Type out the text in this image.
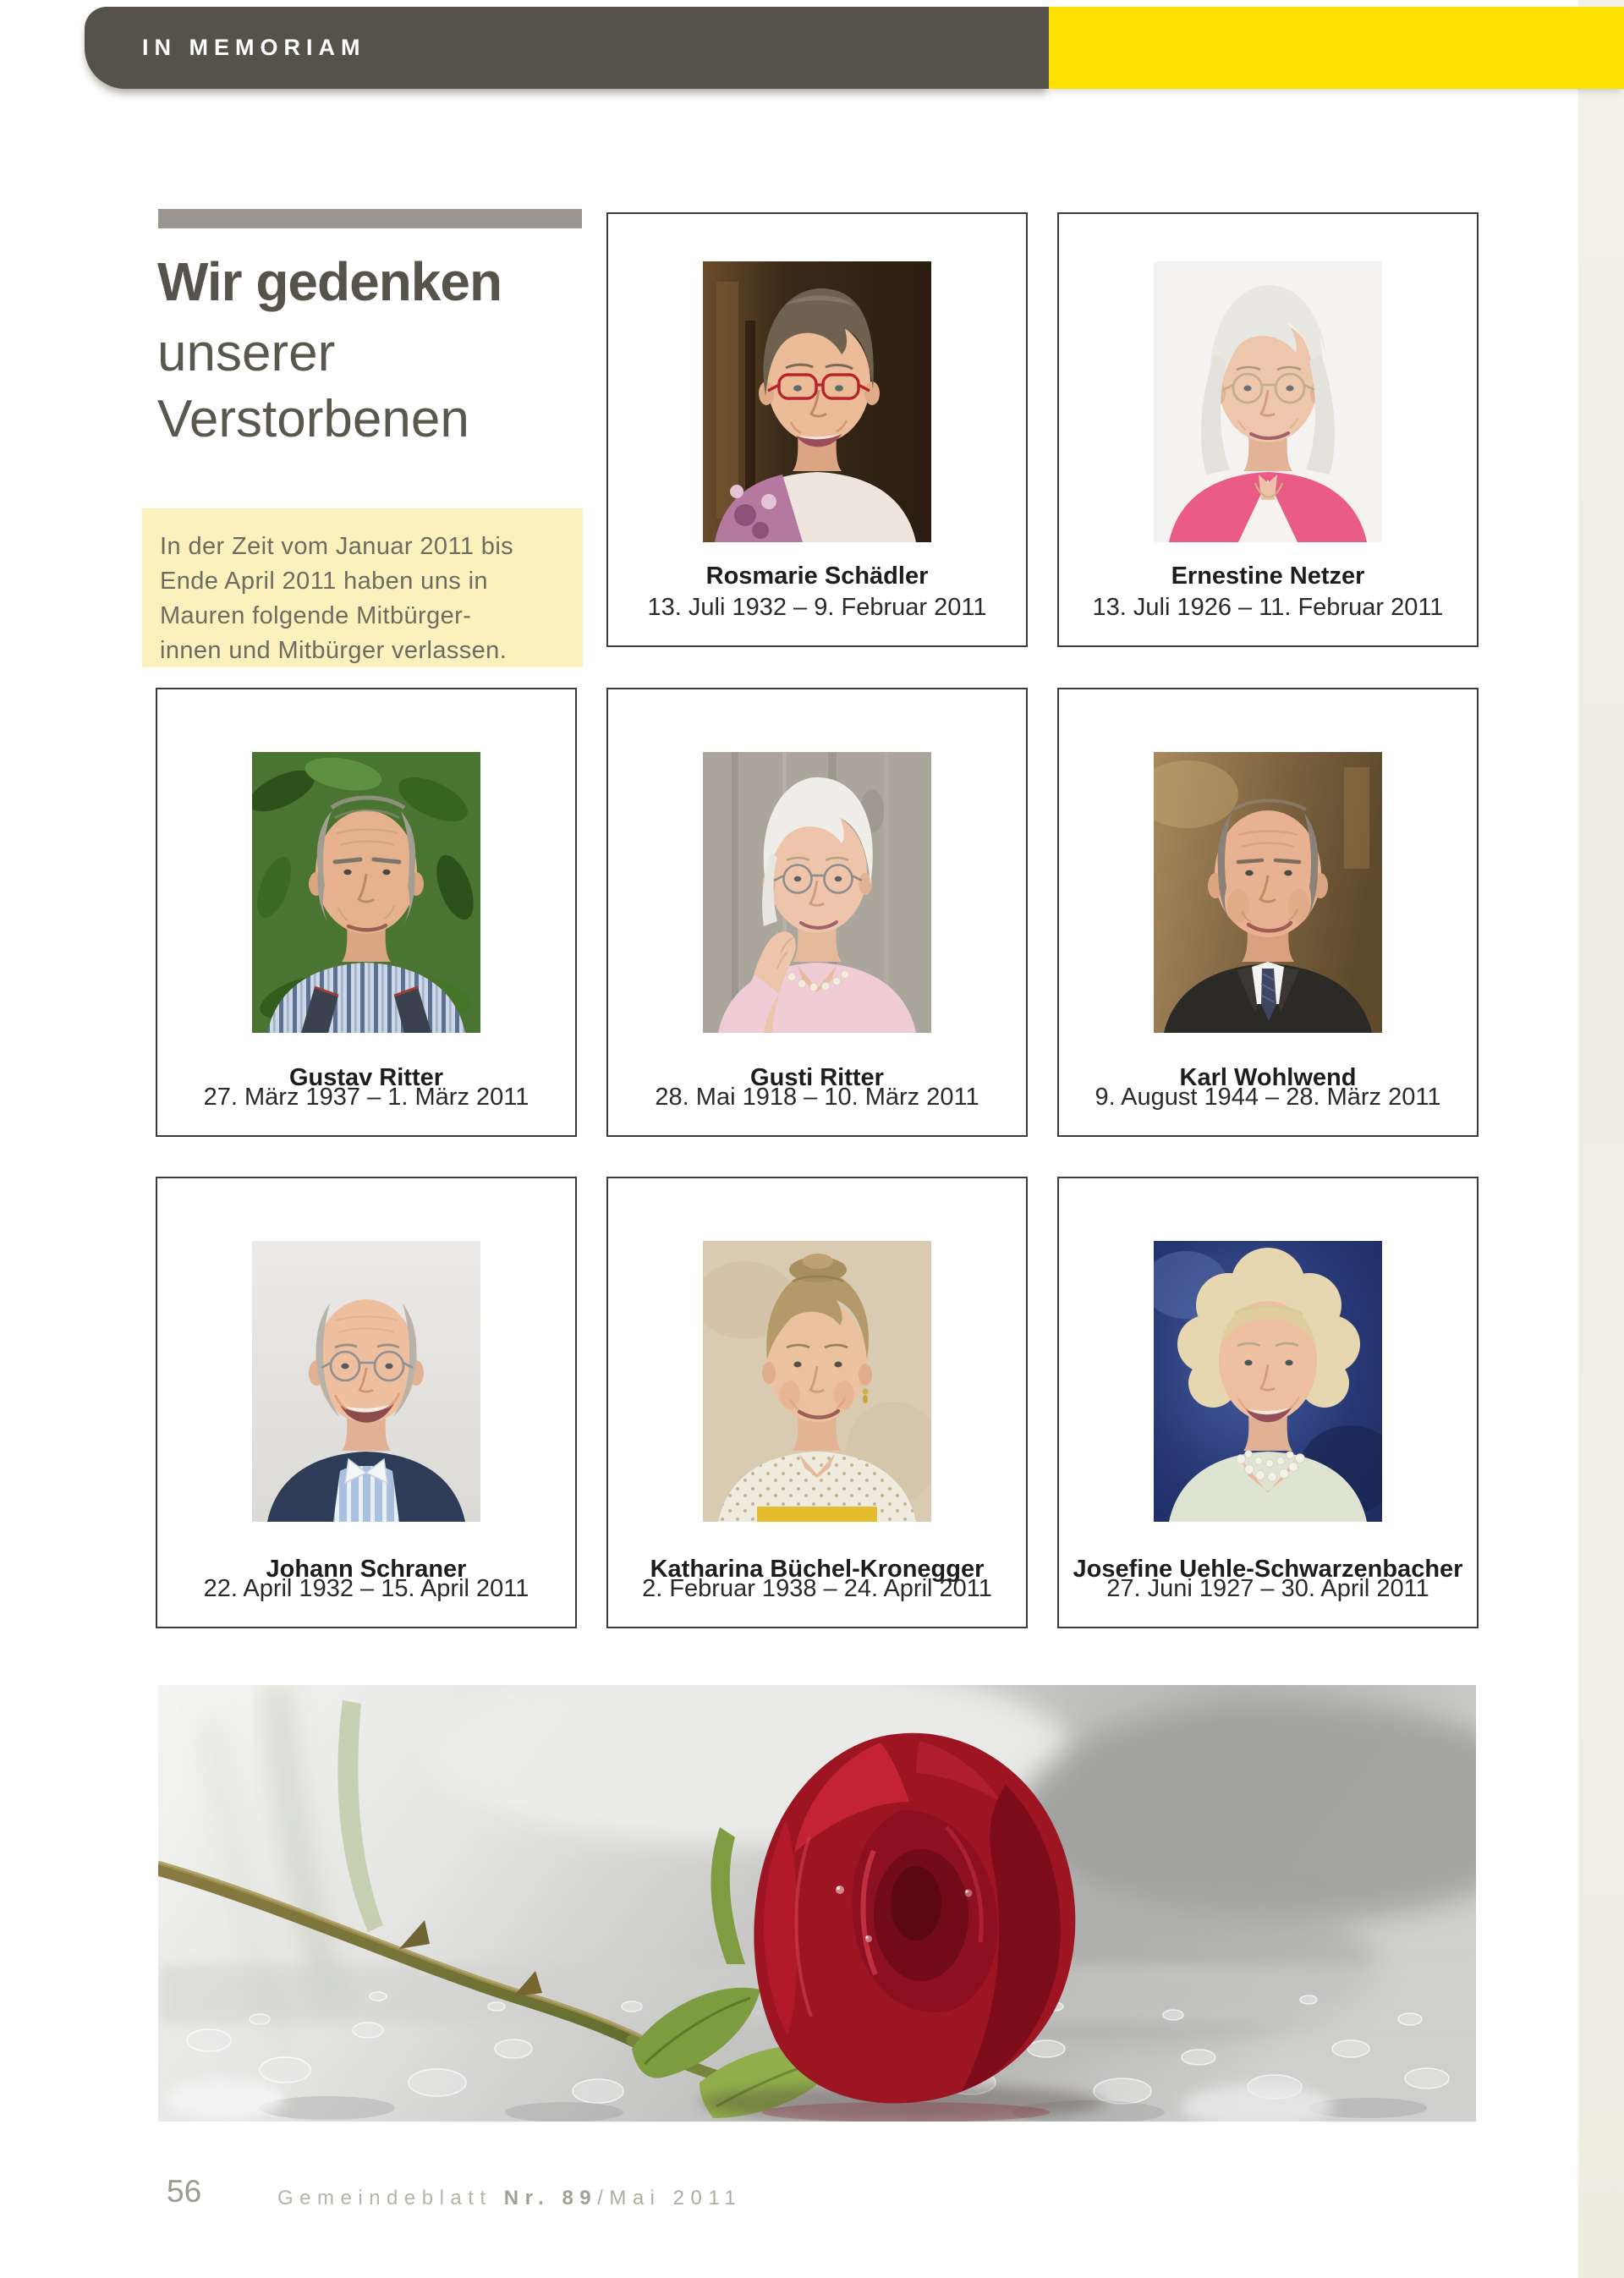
IN MEMORIAM
Wir gedenken
unserer
Verstorbenen
In der Zeit vom Januar 2011 bis
Ende April 2011 haben uns in
Mauren folgende Mitbürger-
innen und Mitbürger verlassen.
Rosmarie Schädler
13. Juli 1932 – 9. Februar 2011
Ernestine Netzer
13. Juli 1926 – 11. Februar 2011
Gustav Ritter
27. März 1937 – 1. März 2011
Gusti Ritter
28. Mai 1918 – 10. März 2011
Karl Wohlwend
9. August 1944 – 28. März 2011
Johann Schraner
22. April 1932 – 15. April 2011
Katharina Büchel-Kronegger
2. Februar 1938 – 24. April 2011
Josefine Uehle-Schwarzenbacher
27. Juni 1927 – 30. April 2011
56	Gemeindeblatt Nr. 89/Mai 2011
